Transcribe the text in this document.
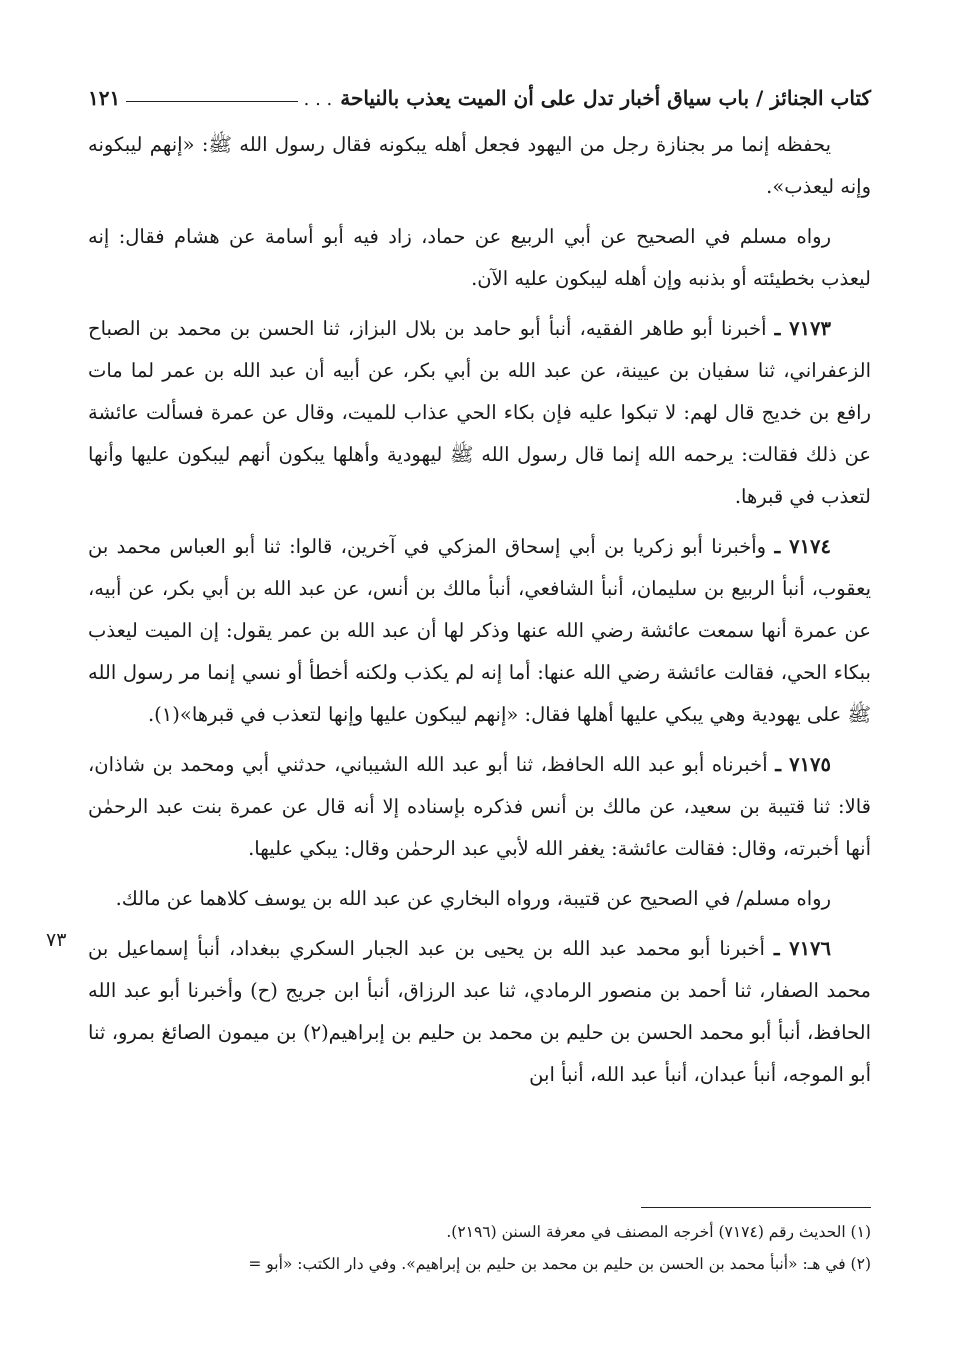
كتاب الجنائز / باب سياق أخبار تدل على أن الميت يعذب بالنياحة
. . .
١٢١

يحفظه إنما مر بجنازة رجل من اليهود فجعل أهله يبكونه فقال رسول الله ﷺ: «إنهم ليبكونه وإنه ليعذب».

رواه مسلم في الصحيح عن أبي الربيع عن حماد، زاد فيه أبو أسامة عن هشام فقال: إنه ليعذب بخطيئته أو بذنبه وإن أهله ليبكون عليه الآن.

٧١٧٣ ـ أخبرنا أبو طاهر الفقيه، أنبأ أبو حامد بن بلال البزاز، ثنا الحسن بن محمد بن الصباح الزعفراني، ثنا سفيان بن عيينة، عن عبد الله بن أبي بكر، عن أبيه أن عبد الله بن عمر لما مات رافع بن خديج قال لهم: لا تبكوا عليه فإن بكاء الحي عذاب للميت، وقال عن عمرة فسألت عائشة عن ذلك فقالت: يرحمه الله إنما قال رسول الله ﷺ ليهودية وأهلها يبكون أنهم ليبكون عليها وأنها لتعذب في قبرها.

٧١٧٤ ـ وأخبرنا أبو زكريا بن أبي إسحاق المزكي في آخرين، قالوا: ثنا أبو العباس محمد بن يعقوب، أنبأ الربيع بن سليمان، أنبأ الشافعي، أنبأ مالك بن أنس، عن عبد الله بن أبي بكر، عن أبيه، عن عمرة أنها سمعت عائشة رضي الله عنها وذكر لها أن عبد الله بن عمر يقول: إن الميت ليعذب ببكاء الحي، فقالت عائشة رضي الله عنها: أما إنه لم يكذب ولكنه أخطأ أو نسي إنما مر رسول الله ﷺ على يهودية وهي يبكي عليها أهلها فقال: «إنهم ليبكون عليها وإنها لتعذب في قبرها»(١).

٧١٧٥ ـ أخبرناه أبو عبد الله الحافظ، ثنا أبو عبد الله الشيباني، حدثني أبي ومحمد بن شاذان، قالا: ثنا قتيبة بن سعيد، عن مالك بن أنس فذكره بإسناده إلا أنه قال عن عمرة بنت عبد الرحمٰن أنها أخبرته، وقال: فقالت عائشة: يغفر الله لأبي عبد الرحمٰن وقال: يبكي عليها.

رواه مسلم/ في الصحيح عن قتيبة، ورواه البخاري عن عبد الله بن يوسف كلاهما عن مالك.

٧١٧٦ ـ أخبرنا أبو محمد عبد الله بن يحيى بن عبد الجبار السكري ببغداد، أنبأ إسماعيل بن محمد الصفار، ثنا أحمد بن منصور الرمادي، ثنا عبد الرزاق، أنبأ ابن جريج (ح) وأخبرنا أبو عبد الله الحافظ، أنبأ أبو محمد الحسن بن حليم بن محمد بن حليم بن إبراهيم(٢) بن ميمون الصائغ بمرو، ثنا أبو الموجه، أنبأ عبدان، أنبأ عبد الله، أنبأ ابن

٧٣
(١) الحديث رقم (٧١٧٤) أخرجه المصنف في معرفة السنن (٢١٩٦).
(٢) في هـ: «أنبأ محمد بن الحسن بن حليم بن محمد بن حليم بن إبراهيم». وفي دار الكتب: «أبو =
